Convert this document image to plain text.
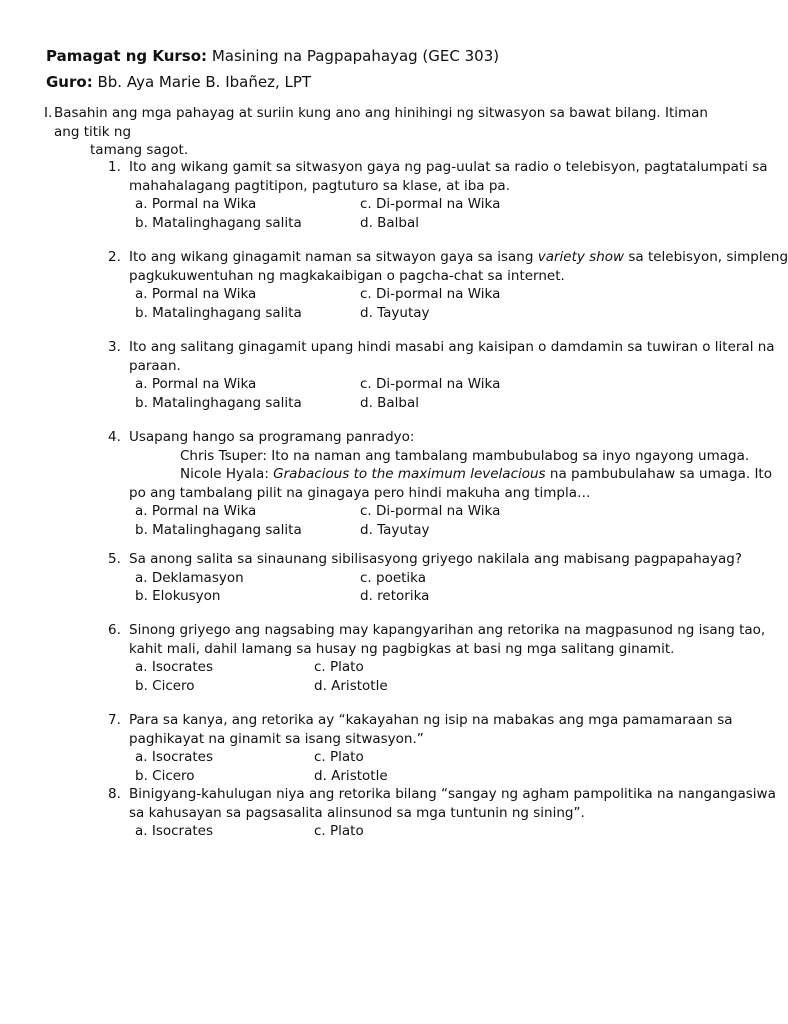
Pamagat ng Kurso: Masining na Pagpapahayag (GEC 303)
Guro: Bb. Aya Marie B. Ibañez, LPT
I. Basahin ang mga pahayag at suriin kung ano ang hinihingi ng sitwasyon sa bawat bilang. Itiman ang titik ng
tamang sagot.
1. Ito ang wikang gamit sa sitwasyon gaya ng pag-uulat sa radio o telebisyon, pagtatalumpati sa
mahahalagang pagtitipon, pagtuturo sa klase, at iba pa.
a. Pormal na Wika
b. Matalinghagang salita
c. Di-pormal na Wika
d. Balbal
2. Ito ang wikang ginagamit naman sa sitwayon gaya sa isang variety show sa telebisyon, simpleng
pagkukuwentuhan ng magkakaibigan o pagcha-chat sa internet.
a. Pormal na Wika
b. Matalinghagang salita
c. Di-pormal na Wika
d. Tayutay
3. Ito ang salitang ginagamit upang hindi masabi ang kaisipan o damdamin sa tuwiran o literal na
paraan.
a. Pormal na Wika
b. Matalinghagang salita
c. Di-pormal na Wika
d. Balbal
4. Usapang hango sa programang panradyo:
Chris Tsuper: Ito na naman ang tambalang mambubulabog sa inyo ngayong umaga.
Nicole Hyala: Grabacious to the maximum levelacious na pambubulahaw sa umaga. Ito
po ang tambalang pilit na ginagaya pero hindi makuha ang timpla…
a. Pormal na Wika
b. Matalinghagang salita
c. Di-pormal na Wika
d. Tayutay
5. Sa anong salita sa sinaunang sibilisasyong griyego nakilala ang mabisang pagpapahayag?
a. Deklamasyon
b. Elokusyon
c. poetika
d. retorika
6. Sinong griyego ang nagsabing may kapangyarihan ang retorika na magpasunod ng isang tao,
kahit mali, dahil lamang sa husay ng pagbigkas at basi ng mga salitang ginamit.
a. Isocrates
b. Cicero
c. Plato
d. Aristotle
7. Para sa kanya, ang retorika ay “kakayahan ng isip na mabakas ang mga pamamaraan sa
paghikayat na ginamit sa isang sitwasyon.”
a. Isocrates
b. Cicero
c. Plato
d. Aristotle
8. Binigyang-kahulugan niya ang retorika bilang “sangay ng agham pampolitika na nangangasiwa
sa kahusayan sa pagsasalita alinsunod sa mga tuntunin ng sining”.
a. Isocrates	c. Plato
